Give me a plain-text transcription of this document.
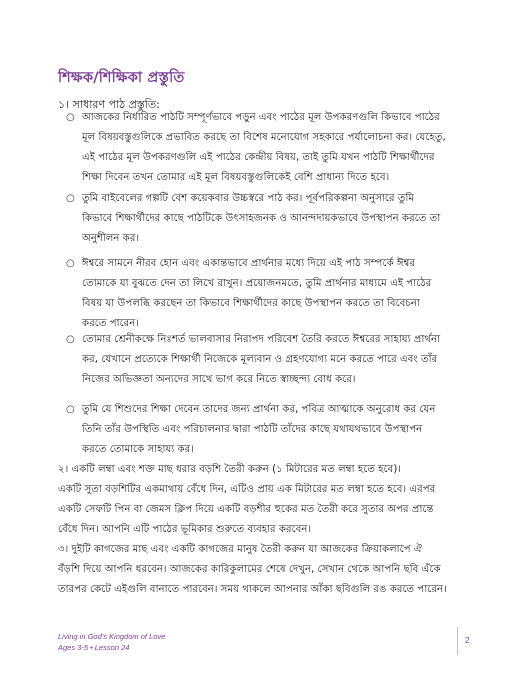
শিক্ষক/শিক্ষিকা প্রস্তুতি
১। সাধারণ পাঠ প্রস্তুতি:
○ আজকের নির্ধারিত পাঠটি সম্পূর্ণভাবে পড়ুন এবং পাঠের মূল উপকরণগুলি কিভাবে পাঠের

মূল বিষয়বস্তুগুলিকে প্রভাবিত করছে তা বিশেষ মনোযোগ সহকারে পর্যালোচনা কর। যেহেতু,

এই পাঠের মূল উপকরণগুলি এই পাঠের কেন্দ্রীয় বিষয়, তাই তুমি যখন পাঠটি শিক্ষার্থীদের

শিক্ষা দিবেন তখন তোমার এই মূল বিষয়বস্তুগুলিকেই বেশি প্রাধান্য দিতে হবে।

○ তুমি বাইবেলের গল্পটি বেশ কয়েকবার উচ্চস্বরে পাঠ কর। পূর্বপরিকল্পনা অনুসারে তুমি

কিভাবে শিক্ষার্থীদের কাছে পাঠটিকে উৎসাহজনক ও আনন্দদায়কভাবে উপস্থাপন করতে তা

অনুশীলন কর।

○ ঈশ্বরে সামনে নীরব হোন এবং একান্তভাবে প্রার্থনার মধ্যে দিয়ে এই পাঠ সম্পর্কে ঈশ্বর

তোমাকে যা বুঝতে দেন তা লিখে রাখুন। প্রয়োজনমতে, তুমি প্রার্থনার মাধ্যমে এই পাঠের

বিষয় যা উপলব্ধি করছেন তা কিভাবে শিক্ষার্থীদের কাছে উপস্থাপন করতে তা বিবেচনা

করতে পারেন।

○ তোমার শ্রেনীকক্ষে নিঃশর্ত ভালবাসার নিরাপদ পরিবেশ তৈরি করতে ঈশ্বরের সাহায্য প্রার্থনা

কর, যেখানে প্রত্যেকে শিক্ষার্থী নিজেকে মূল্যবান ও গ্রহণযোগ্য মনে করতে পারে এবং তাঁর

নিজের অভিজ্ঞতা অন্যদের সাথে ভাগ করে নিতে স্বাচ্ছন্দ্য বোধ করে।

○ তুমি যে শিশুদের শিক্ষা দেবেন তাদের জন্য প্রার্থনা কর, পবিত্র আত্মাকে অনুরোধ কর যেন

তিনি তাঁর উপস্থিতি এবং পরিচালনার দ্বারা পাঠটি তাঁদের কাছে যথাযথভাবে উপস্থাপন

করতে তোমাকে সাহায্য কর।

২। একটি লম্বা এবং শক্ত মাছ ধরার বড়শি তৈরী করুন (১ মিটারের মত লম্বা হতে হবে)।

একটি সুতা বড়শিটির একমাথায় বেঁধে দিন, এটিও প্রায় এক মিটারের মত লম্বা হতে হবে। এরপর

একটি সেফটি পিন বা জেমস ক্লিপ দিয়ে একটি বড়শীর হুকের মত তৈরী করে সুতার অপর প্রান্তে

বেঁধে দিন। আপনি এটি পাঠের ভূমিকার শুরুতে ব্যবহার করবেন।

৩। দুইটি কাগজের মাছ এবং একটি কাগজের মানুষ তৈরী করুন যা আজকের ক্রিয়াকলাপে ঐ

বঁড়শি দিয়ে আপনি ধরবেন। আজকের কারিকুলামের শেষে দেখুন, সেখান থেকে আপনি ছবি এঁকে

তারপর কেটে এইগুলি বানাতে পারবেন। সময় থাকলে আপনার আঁকা ছবিগুলি রঙ করতে পারেন।

Living in God's Kingdom of Love
Ages 3-5 • Lesson 24
2
